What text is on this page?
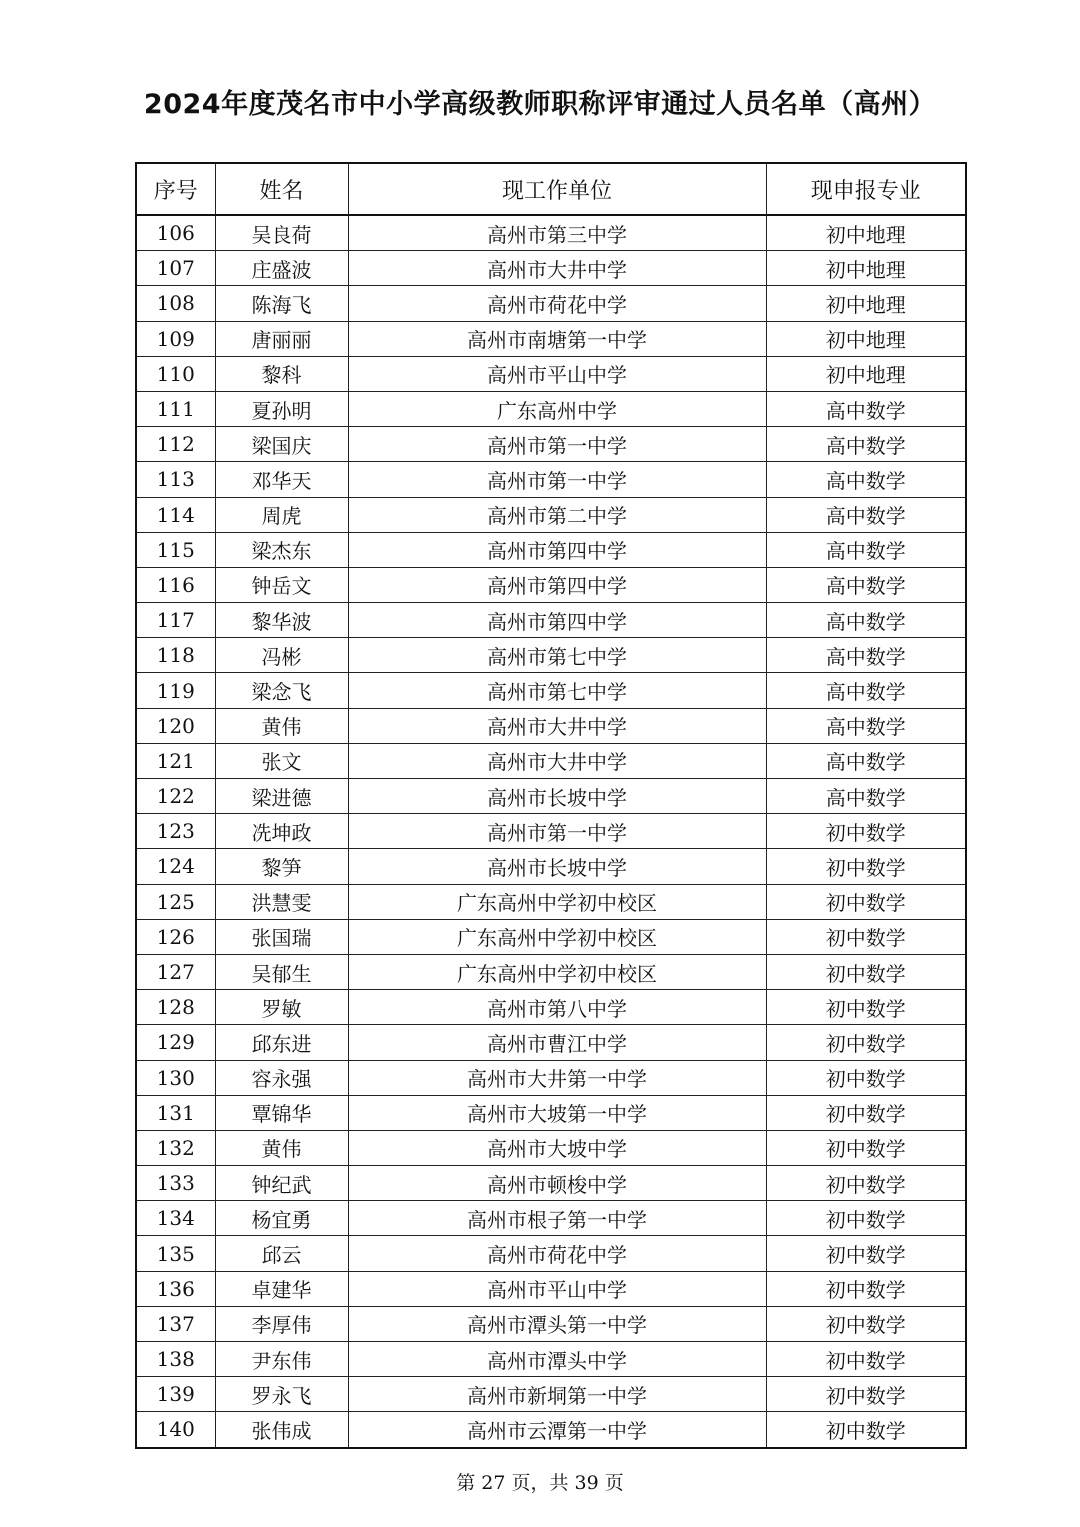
2024年度茂名市中小学高级教师职称评审通过人员名单（高州）
序号	姓名	现工作单位	现申报专业
106	吴良荷	高州市第三中学	初中地理
107	庄盛波	高州市大井中学	初中地理
108	陈海飞	高州市荷花中学	初中地理
109	唐丽丽	高州市南塘第一中学	初中地理
110	黎科	高州市平山中学	初中地理
111	夏孙明	广东高州中学	高中数学
112	梁国庆	高州市第一中学	高中数学
113	邓华天	高州市第一中学	高中数学
114	周虎	高州市第二中学	高中数学
115	梁杰东	高州市第四中学	高中数学
116	钟岳文	高州市第四中学	高中数学
117	黎华波	高州市第四中学	高中数学
118	冯彬	高州市第七中学	高中数学
119	梁念飞	高州市第七中学	高中数学
120	黄伟	高州市大井中学	高中数学
121	张文	高州市大井中学	高中数学
122	梁进德	高州市长坡中学	高中数学
123	冼坤政	高州市第一中学	初中数学
124	黎笋	高州市长坡中学	初中数学
125	洪慧雯	广东高州中学初中校区	初中数学
126	张国瑞	广东高州中学初中校区	初中数学
127	吴郁生	广东高州中学初中校区	初中数学
128	罗敏	高州市第八中学	初中数学
129	邱东进	高州市曹江中学	初中数学
130	容永强	高州市大井第一中学	初中数学
131	覃锦华	高州市大坡第一中学	初中数学
132	黄伟	高州市大坡中学	初中数学
133	钟纪武	高州市顿梭中学	初中数学
134	杨宜勇	高州市根子第一中学	初中数学
135	邱云	高州市荷花中学	初中数学
136	卓建华	高州市平山中学	初中数学
137	李厚伟	高州市潭头第一中学	初中数学
138	尹东伟	高州市潭头中学	初中数学
139	罗永飞	高州市新垌第一中学	初中数学
140	张伟成	高州市云潭第一中学	初中数学
第 27 页，共 39 页
